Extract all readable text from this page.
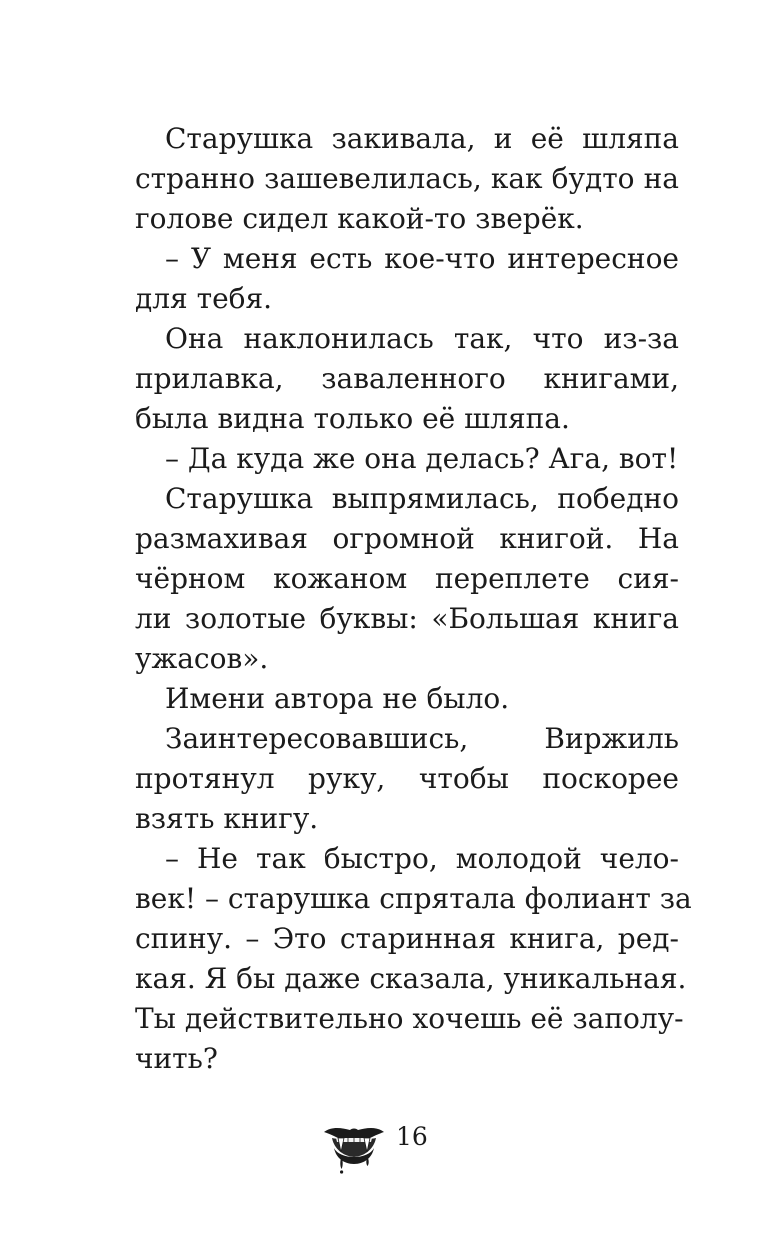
Старушка закивала, и её шляпа
странно зашевелилась, как будто на
голове сидел какой-то зверёк.
– У меня есть кое-что интересное
для тебя.
Она наклонилась так, что из-за
прилавка, заваленного книгами,
была видна только её шляпа.
– Да куда же она делась? Ага, вот!
Старушка выпрямилась, победно
размахивая огромной книгой. На
чёрном кожаном переплете сия-
ли золотые буквы: «Большая книга
ужасов».
Имени автора не было.
Заинтересовавшись, Виржиль
протянул руку, чтобы поскорее
взять книгу.
– Не так быстро, молодой чело-
век! – старушка спрятала фолиант за
спину. – Это старинная книга, ред-
кая. Я бы даже сказала, уникальная.
Ты действительно хочешь её заполу-
чить?
16
